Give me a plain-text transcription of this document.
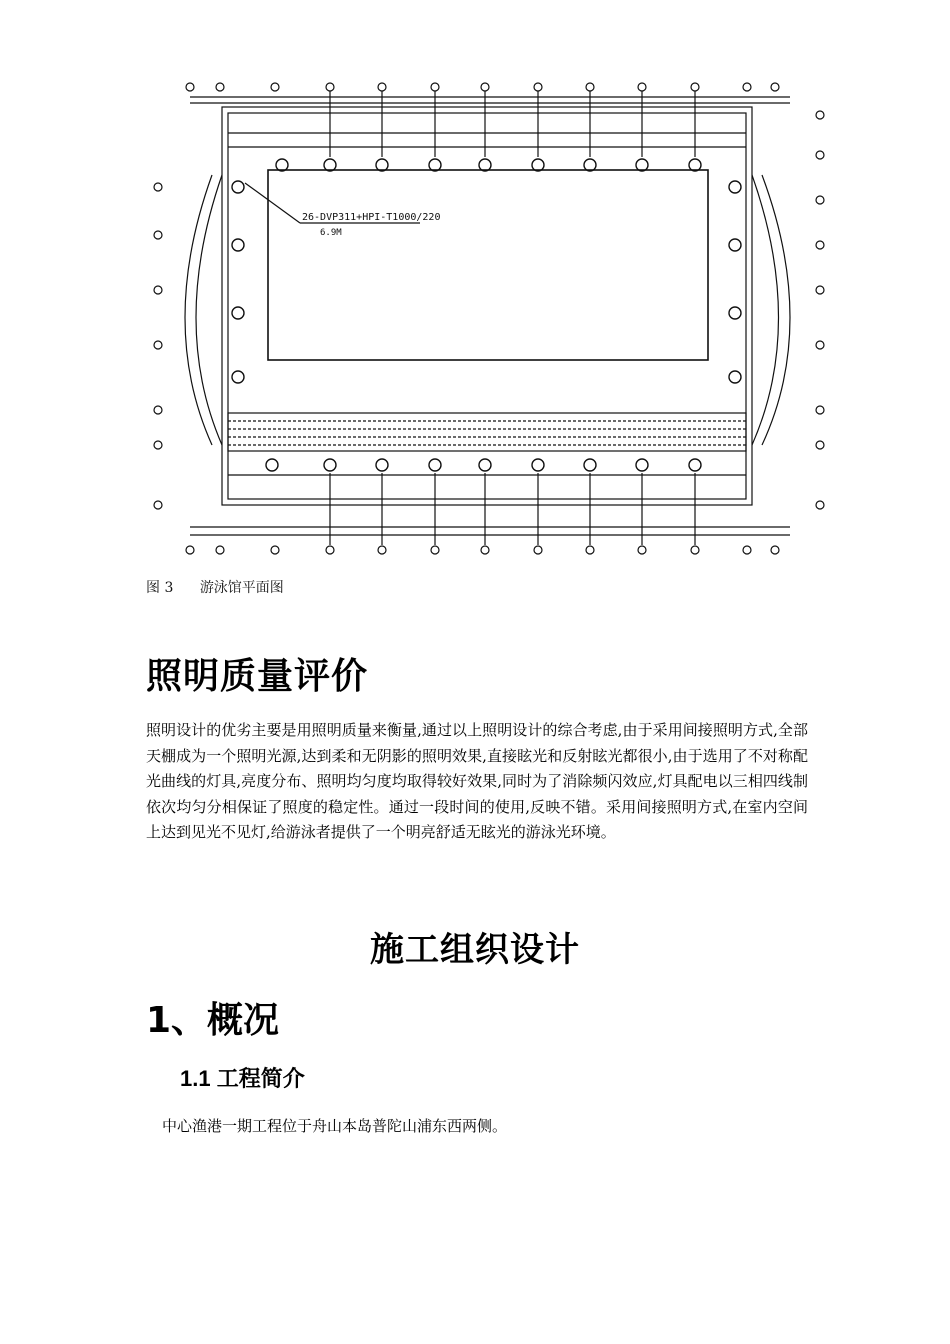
26-DVP311+HPI-T1000/220
6.9M
图 3 游泳馆平面图
照明质量评价

照明设计的优劣主要是用照明质量来衡量,通过以上照明设计的综合考虑,由于采用间接照明方式,全部天棚成为一个照明光源,达到柔和无阴影的照明效果,直接眩光和反射眩光都很小,由于选用了不对称配光曲线的灯具,亮度分布、照明均匀度均取得较好效果,同时为了消除频闪效应,灯具配电以三相四线制依次均匀分相保证了照度的稳定性。通过一段时间的使用,反映不错。采用间接照明方式,在室内空间上达到见光不见灯,给游泳者提供了一个明亮舒适无眩光的游泳光环境。

施工组织设计
1、概况
1.1 工程简介

中心渔港一期工程位于舟山本岛普陀山浦东西两侧。
